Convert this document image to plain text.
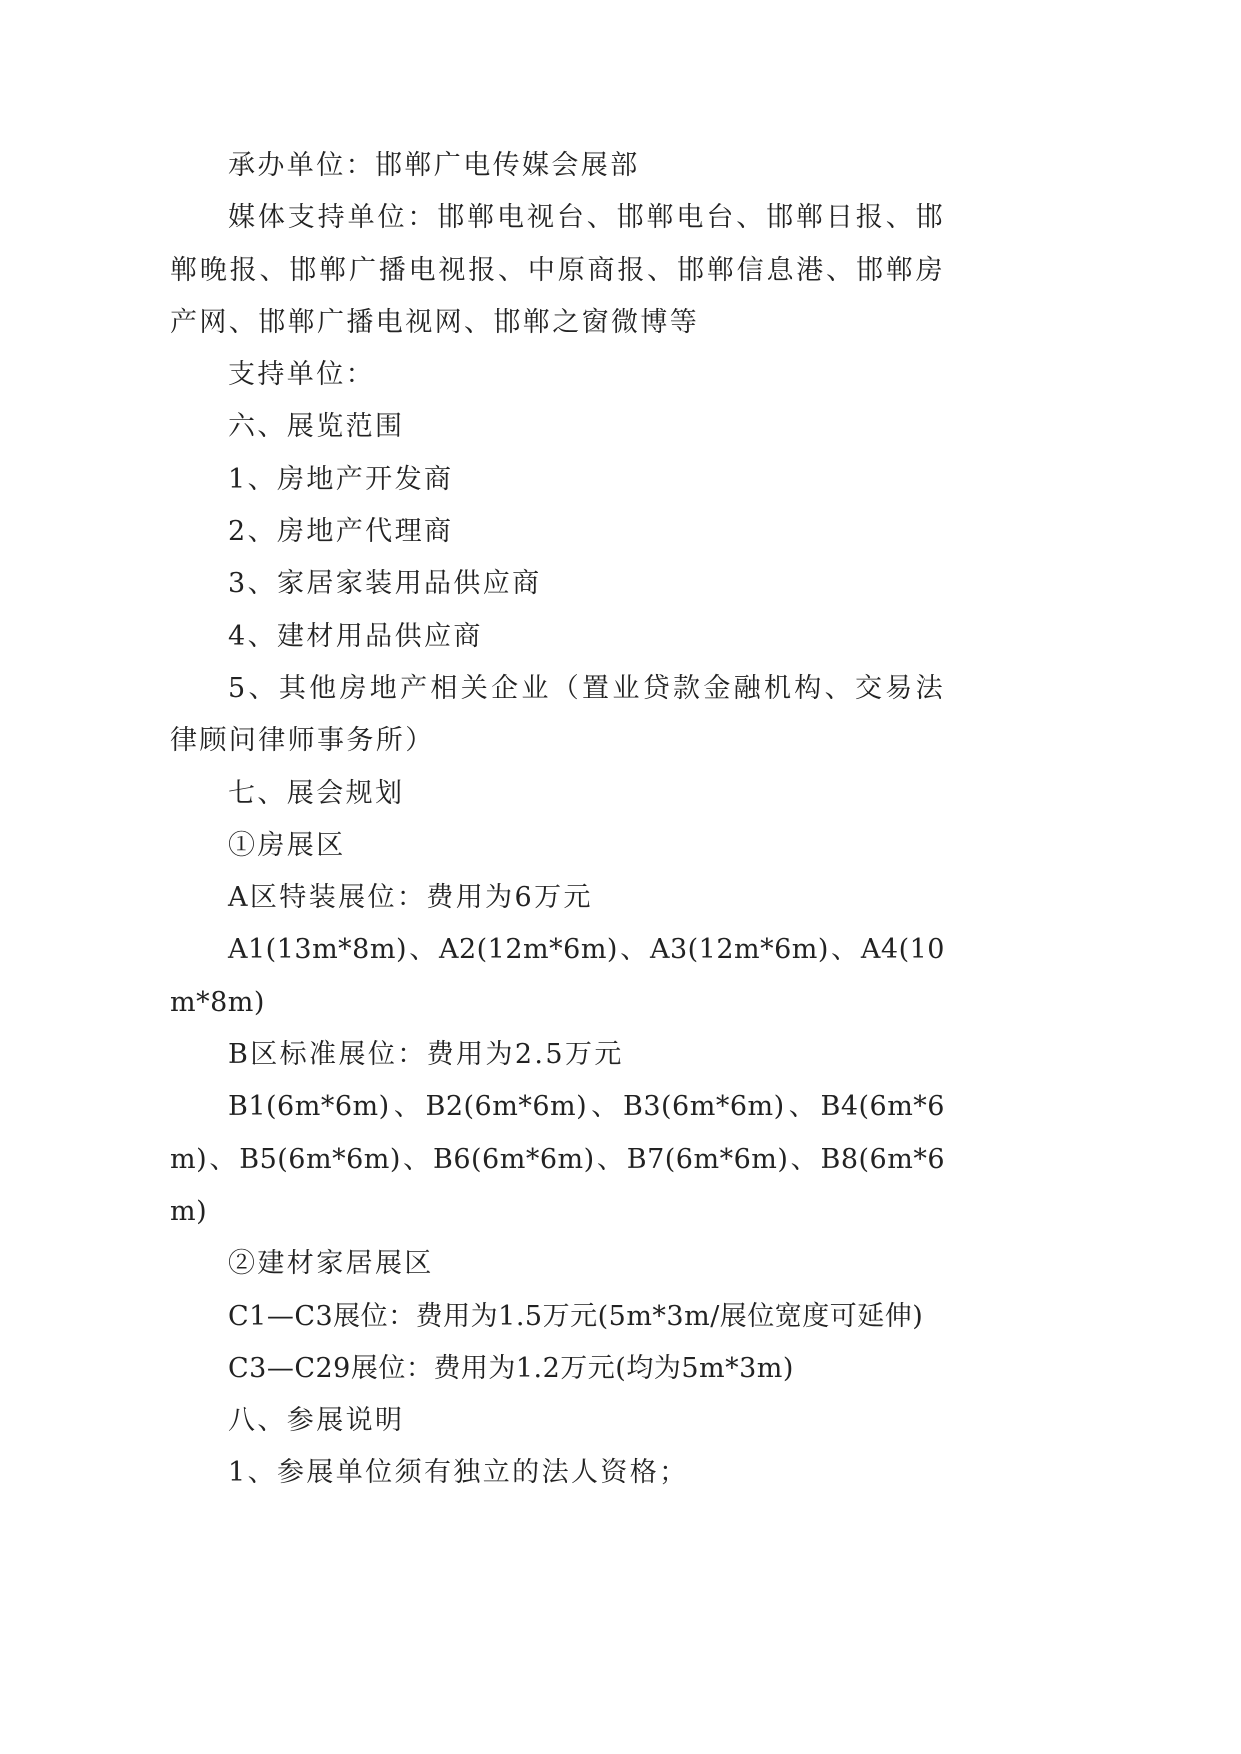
承办单位：邯郸广电传媒会展部

媒体支持单位：邯郸电视台、邯郸电台、邯郸日报、邯郸晚报、邯郸广播电视报、中原商报、邯郸信息港、邯郸房产网、邯郸广播电视网、邯郸之窗微博等

支持单位：

六、展览范围

1、房地产开发商

2、房地产代理商

3、家居家装用品供应商

4、建材用品供应商

5、其他房地产相关企业（置业贷款金融机构、交易法律顾问律师事务所）

七、展会规划

①房展区

A区特装展位：费用为6万元

A1(13m*8m)、A2(12m*6m)、A3(12m*6m)、A4(10m*8m)

B区标准展位：费用为2.5万元

B1(6m*6m)、B2(6m*6m)、B3(6m*6m)、B4(6m*6m)、B5(6m*6m)、B6(6m*6m)、B7(6m*6m)、B8(6m*6m)

②建材家居展区

C1—C3展位：费用为1.5万元(5m*3m/展位宽度可延伸)

C3—C29展位：费用为1.2万元(均为5m*3m)

八、参展说明

1、参展单位须有独立的法人资格；
